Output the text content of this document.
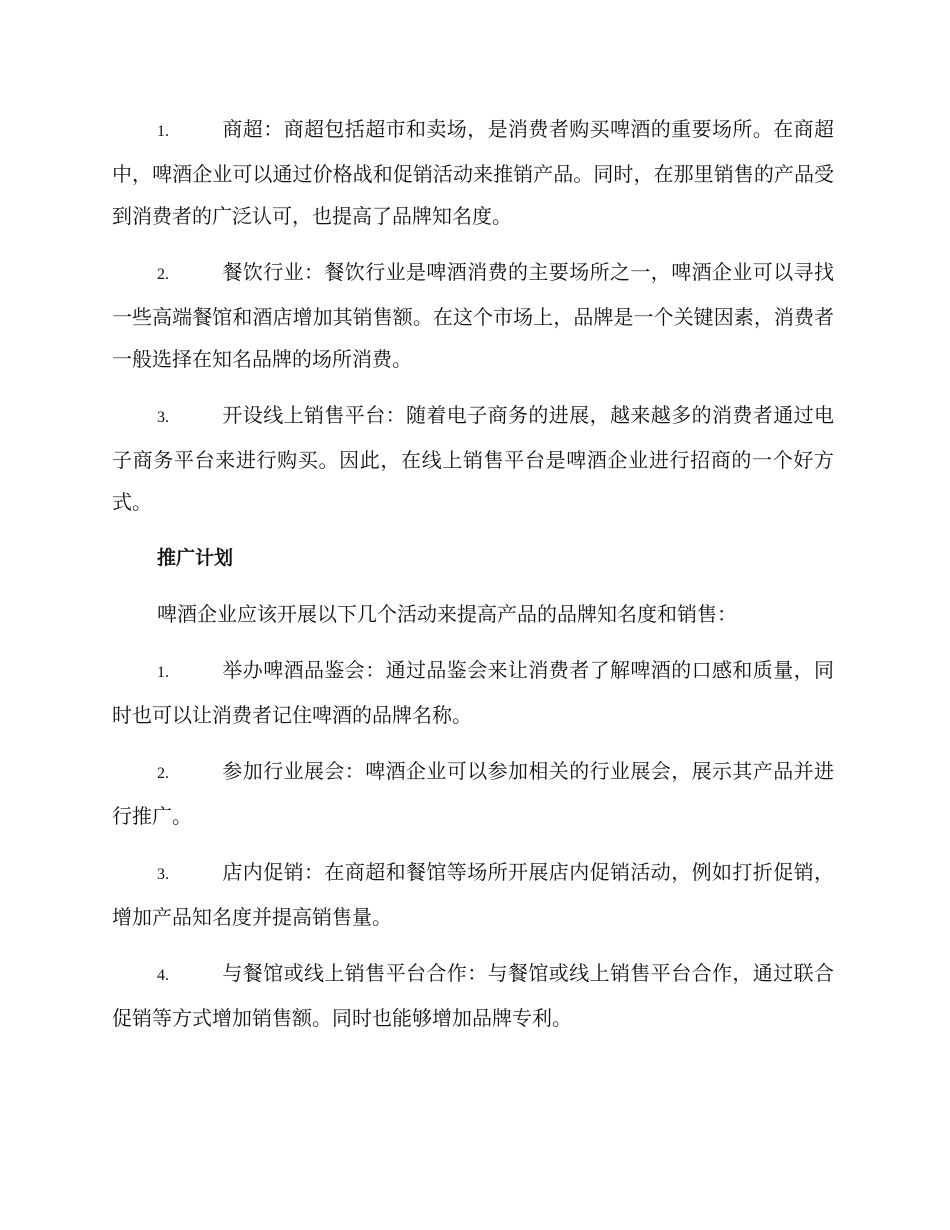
1.	商超：商超包括超市和卖场，是消费者购买啤酒的重要场所。在商超中，啤酒企业可以通过价格战和促销活动来推销产品。同时，在那里销售的产品受到消费者的广泛认可，也提高了品牌知名度。

2.	餐饮行业：餐饮行业是啤酒消费的主要场所之一，啤酒企业可以寻找一些高端餐馆和酒店增加其销售额。在这个市场上，品牌是一个关键因素，消费者一般选择在知名品牌的场所消费。

3.	开设线上销售平台：随着电子商务的进展，越来越多的消费者通过电子商务平台来进行购买。因此，在线上销售平台是啤酒企业进行招商的一个好方式。

推广计划

啤酒企业应该开展以下几个活动来提高产品的品牌知名度和销售：

1.	举办啤酒品鉴会：通过品鉴会来让消费者了解啤酒的口感和质量，同时也可以让消费者记住啤酒的品牌名称。

2.	参加行业展会：啤酒企业可以参加相关的行业展会，展示其产品并进行推广。

3.	店内促销：在商超和餐馆等场所开展店内促销活动，例如打折促销，增加产品知名度并提高销售量。

4.	与餐馆或线上销售平台合作：与餐馆或线上销售平台合作，通过联合促销等方式增加销售额。同时也能够增加品牌专利。
